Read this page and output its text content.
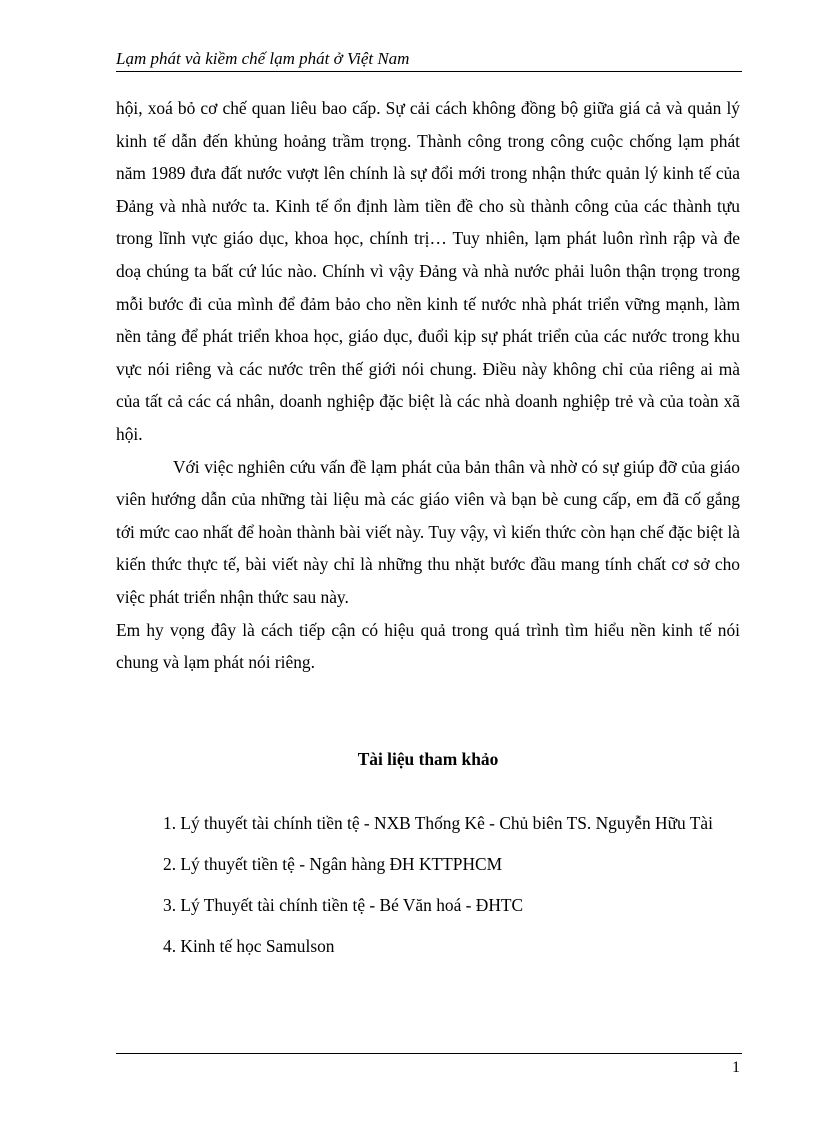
Lạm phát và kiềm chế lạm phát ở Việt Nam

hội, xoá bỏ cơ chế quan liêu bao cấp. Sự cải cách không đồng bộ giữa giá cả và quản lý kinh tế dẫn đến khủng hoảng trầm trọng. Thành công trong công cuộc chống lạm phát năm 1989 đưa đất nước vượt lên chính là sự đổi mới trong nhận thức quản lý kinh tế của Đảng và nhà nước ta. Kinh tế ổn định làm tiền đề cho sù thành công của các thành tựu trong lĩnh vực giáo dục, khoa học, chính trị… Tuy nhiên, lạm phát luôn rình rập và đe doạ chúng ta bất cứ lúc nào. Chính vì vậy Đảng và nhà nước phải luôn thận trọng trong mỗi bước đi của mình để đảm bảo cho nền kinh tế nước nhà phát triển vững mạnh, làm nền tảng để phát triển khoa học, giáo dục, đuổi kịp sự phát triển của các nước trong khu vực nói riêng và các nước trên thế giới nói chung. Điều này không chỉ của riêng ai mà của tất cả các cá nhân, doanh nghiệp đặc biệt là các nhà doanh nghiệp trẻ và của toàn xã hội.

Với việc nghiên cứu vấn đề lạm phát của bản thân và nhờ có sự giúp đỡ của giáo viên hướng dẫn của những tài liệu mà các giáo viên và bạn bè cung cấp, em đã cố gắng tới mức cao nhất để hoàn thành bài viết này. Tuy vậy, vì kiến thức còn hạn chế đặc biệt là kiến thức thực tế, bài viết này chỉ là những thu nhặt bước đầu mang tính chất cơ sở cho việc phát triển nhận thức sau này.

Em hy vọng đây là cách tiếp cận có hiệu quả trong quá trình tìm hiểu nền kinh tế nói chung và lạm phát nói riêng.

Tài liệu tham khảo
1. Lý thuyết tài chính tiền tệ - NXB Thống Kê - Chủ biên TS. Nguyễn Hữu Tài
2. Lý thuyết tiền tệ - Ngân hàng ĐH KTTPHCM
3. Lý Thuyết tài chính tiền tệ - Bé Văn hoá - ĐHTC
4. Kinh tế học Samulson
1
